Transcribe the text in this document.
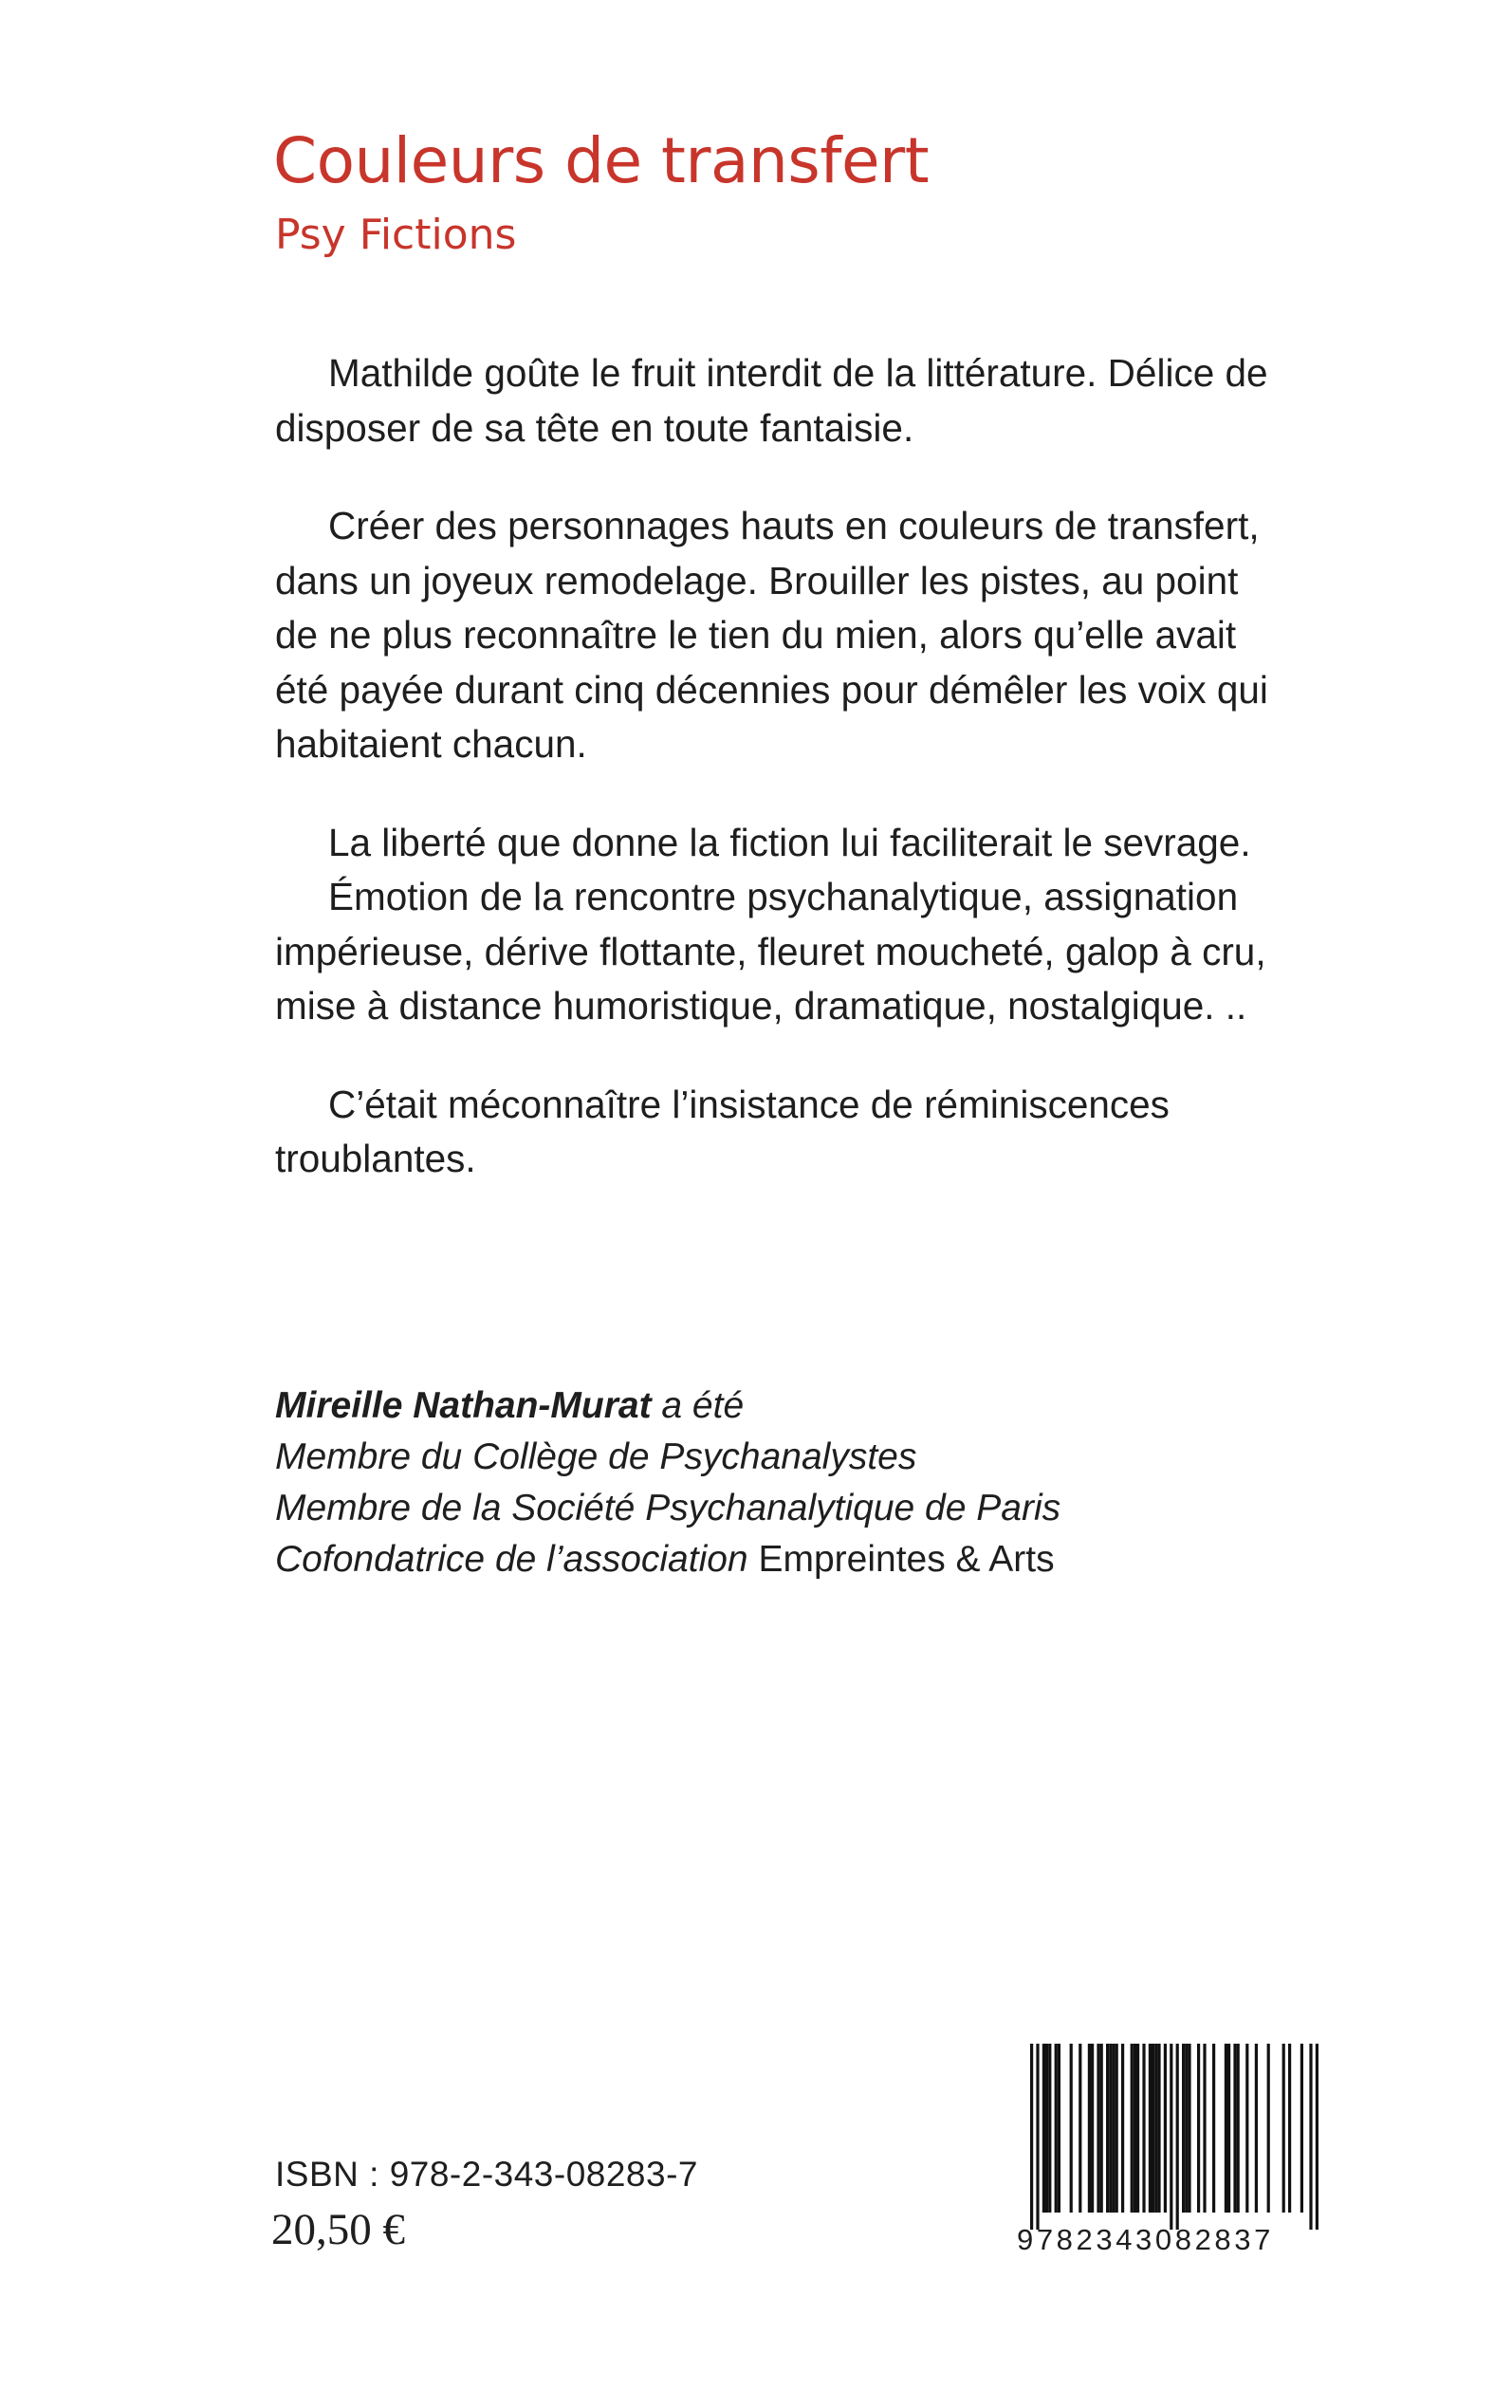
Couleurs de transfert
Psy Fictions

Mathilde goûte le fruit interdit de la littérature. Délice de
disposer de sa tête en toute fantaisie.

Créer des personnages hauts en couleurs de transfert,
dans un joyeux remodelage. Brouiller les pistes, au point
de ne plus reconnaître le tien du mien, alors qu’elle avait
été payée durant cinq décennies pour démêler les voix qui
habitaient chacun.

La liberté que donne la fiction lui faciliterait le sevrage.
Émotion de la rencontre psychanalytique, assignation
impérieuse, dérive flottante, fleuret moucheté, galop à cru,
mise à distance humoristique, dramatique, nostalgique. ..

C’était méconnaître l’insistance de réminiscences
troublantes.

Mireille Nathan-Murat a été
Membre du Collège de Psychanalystes
Membre de la Société Psychanalytique de Paris
Cofondatrice de l’association Empreintes & Arts
ISBN : 978-2-343-08283-7
20,50 €	9782343082837
